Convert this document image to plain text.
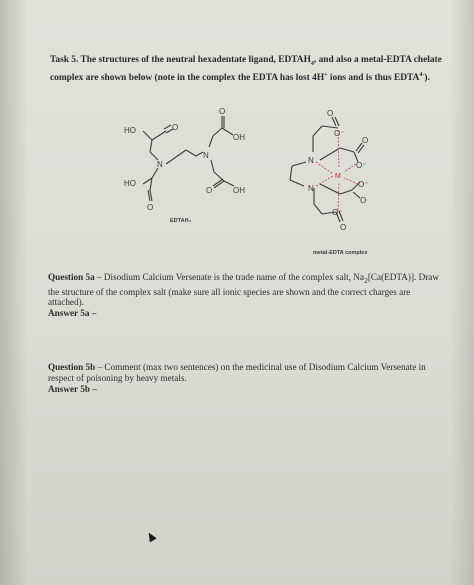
Task 5. The structures of the neutral hexadentate ligand, $EDTAH_4$, and also a metal-EDTA chelate complex are shown below (note in the complex the EDTA has lost 4H+ ions and is thus $EDTA^{4-}$).

HO	O
N
HO
O
N
O
OH
O	OH
EDTAH₄
N
N
M
O
O⁻
O
O⁻
O⁻
O
O⁻
O
metal-EDTA complex

Question 5a – Disodium Calcium Versenate is the trade name of the complex salt, $Na_2[Ca(EDTA)]$. Draw the structure of the complex salt (make sure all ionic species are shown and the correct charges are attached).
Answer 5a –

Question 5b – Comment (max two sentences) on the medicinal use of Disodium Calcium Versenate in respect of poisoning by heavy metals.
Answer 5b –
